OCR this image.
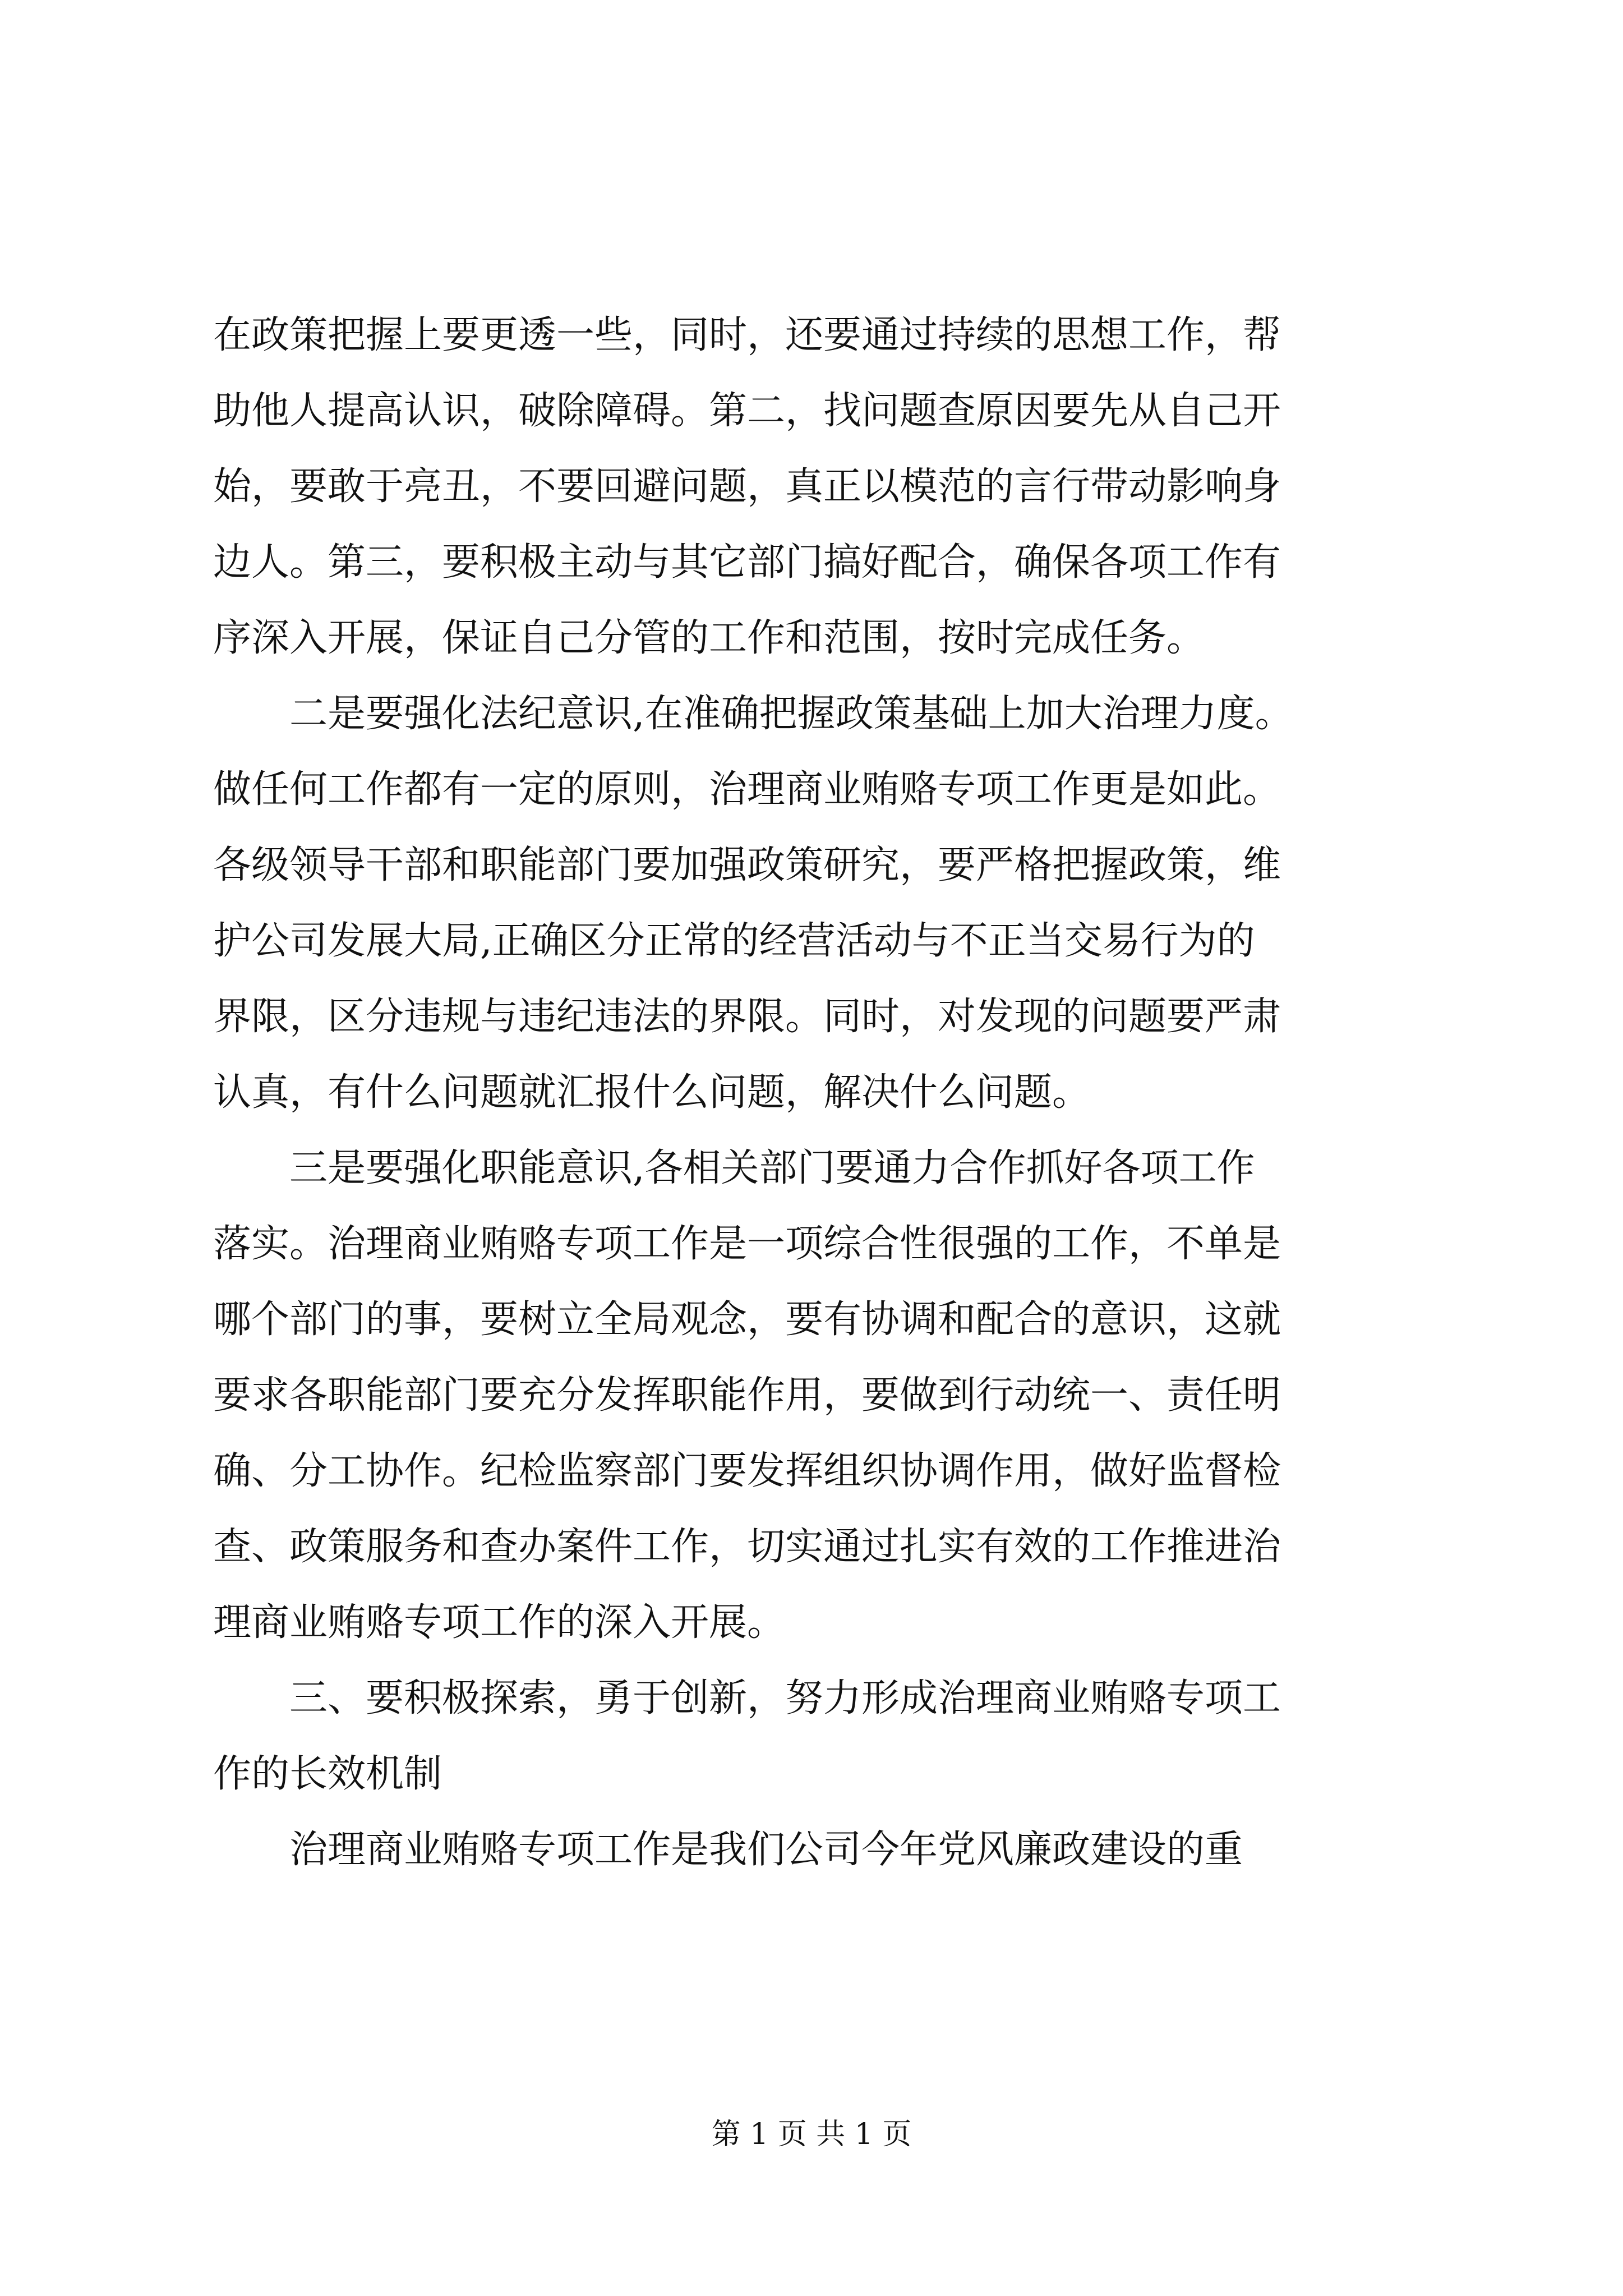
在政策把握上要更透一些，同时，还要通过持续的思想工作，帮
助他人提高认识，破除障碍。第二，找问题查原因要先从自己开
始，要敢于亮丑，不要回避问题，真正以模范的言行带动影响身
边人。第三，要积极主动与其它部门搞好配合，确保各项工作有
序深入开展，保证自己分管的工作和范围，按时完成任务。
　　二是要强化法纪意识,在准确把握政策基础上加大治理力度。
做任何工作都有一定的原则，治理商业贿赂专项工作更是如此。
各级领导干部和职能部门要加强政策研究，要严格把握政策，维
护公司发展大局,正确区分正常的经营活动与不正当交易行为的
界限，区分违规与违纪违法的界限。同时，对发现的问题要严肃
认真，有什么问题就汇报什么问题，解决什么问题。
　　三是要强化职能意识,各相关部门要通力合作抓好各项工作
落实。治理商业贿赂专项工作是一项综合性很强的工作，不单是
哪个部门的事，要树立全局观念，要有协调和配合的意识，这就
要求各职能部门要充分发挥职能作用，要做到行动统一、责任明
确、分工协作。纪检监察部门要发挥组织协调作用，做好监督检
查、政策服务和查办案件工作，切实通过扎实有效的工作推进治
理商业贿赂专项工作的深入开展。
　　三、要积极探索，勇于创新，努力形成治理商业贿赂专项工
作的长效机制
　　治理商业贿赂专项工作是我们公司今年党风廉政建设的重
第 1 页 共 1 页
